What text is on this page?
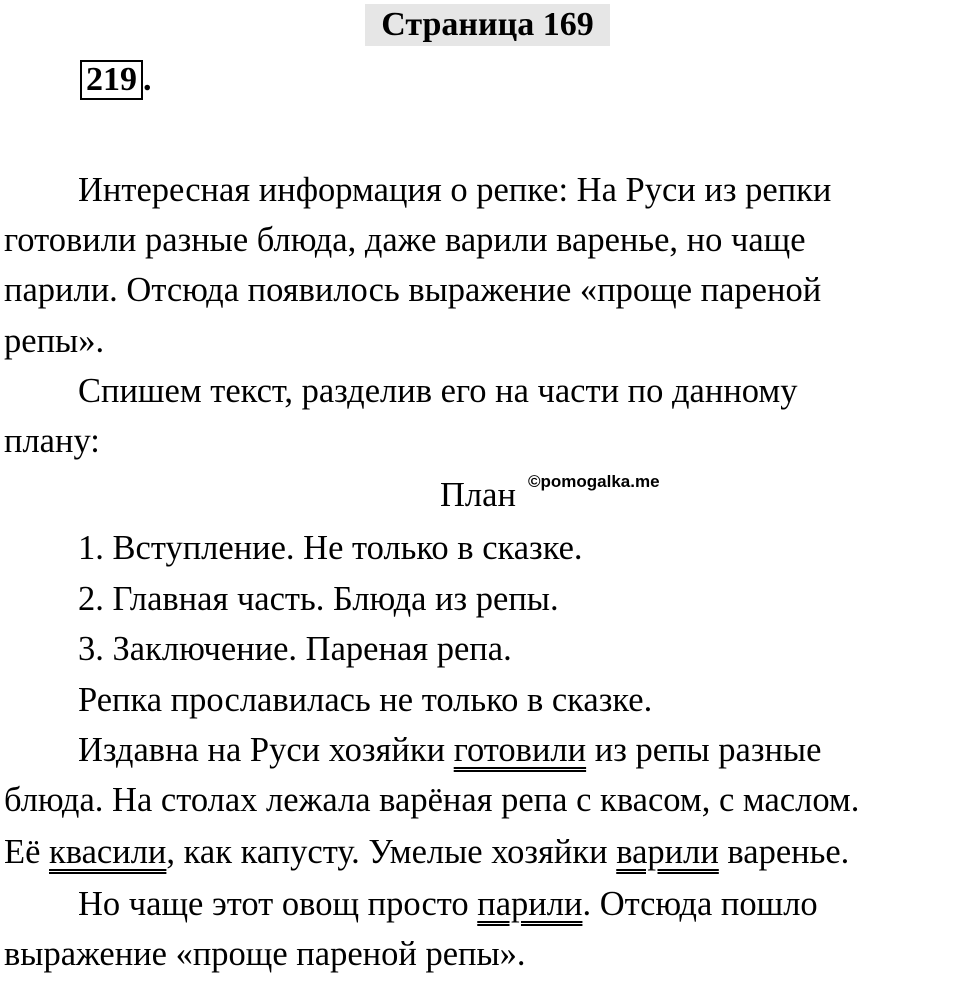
Страница 169
219 .
Интересная информация о репке: На Руси из репки
готовили разные блюда, даже варили варенье, но чаще
парили. Отсюда появилось выражение «проще пареной
репы».
Спишем текст, разделив его на части по данному
плану:
План ©pomogalka.me
1. Вступление. Не только в сказке.
2. Главная часть. Блюда из репы.
3. Заключение. Пареная репа.
Репка прославилась не только в сказке.
Издавна на Руси хозяйки готовили из репы разные
блюда. На столах лежала варёная репа с квасом, с маслом.
Её квасили, как капусту. Умелые хозяйки варили варенье.
Но чаще этот овощ просто парили. Отсюда пошло
выражение «проще пареной репы».
